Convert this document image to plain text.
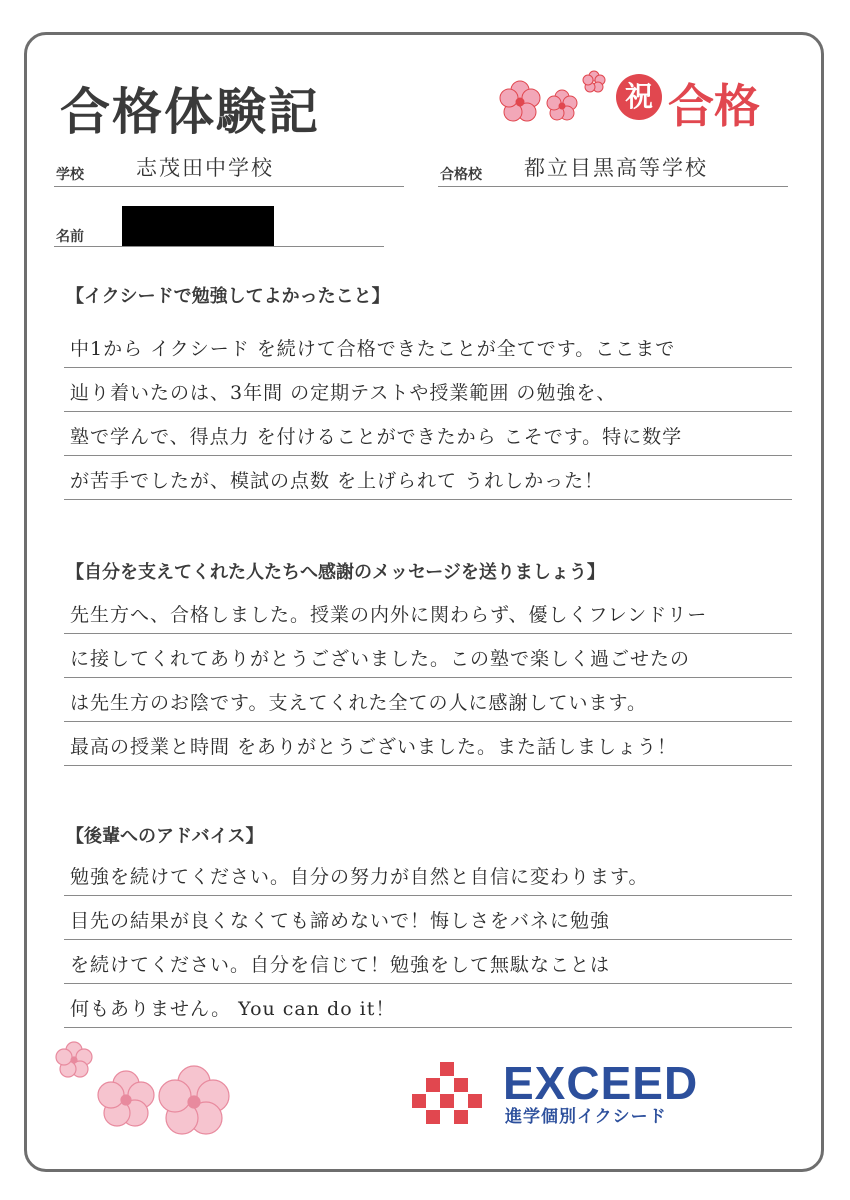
合格体験記	祝 合格
学校 志茂田中学校	合格校 都立目黒高等学校
名前
【イクシードで勉強してよかったこと】
中1から イクシード を続けて合格できたことが全てです。ここまで
辿り着いたのは、3年間 の定期テストや授業範囲 の勉強を、
塾で学んで、得点力 を付けることができたから こそです。特に数学
が苦手でしたが、模試の点数 を上げられて うれしかった！
【自分を支えてくれた人たちへ感謝のメッセージを送りましょう】
先生方へ、合格しました。授業の内外に関わらず、優しくフレンドリー
に接してくれてありがとうございました。この塾で楽しく過ごせたの
は先生方のお陰です。支えてくれた全ての人に感謝しています。
最高の授業と時間 をありがとうございました。また話しましょう！
【後輩へのアドバイス】
勉強を続けてください。自分の努力が自然と自信に変わります。
目先の結果が良くなくても諦めないで！悔しさをバネに勉強
を続けてください。自分を信じて！勉強をして無駄なことは
何もありません。 You can do it！
EXCEED
進学個別イクシード
